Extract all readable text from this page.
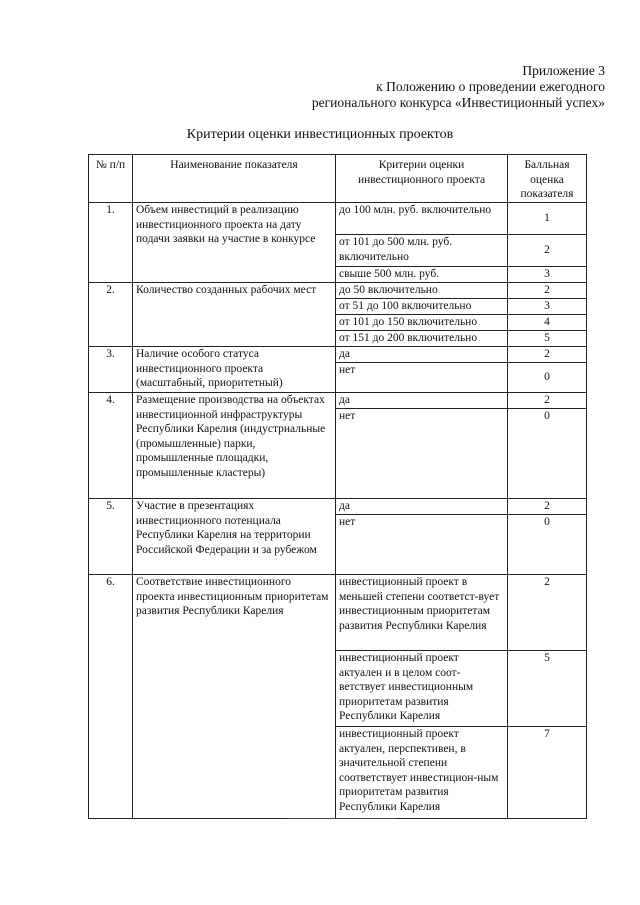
Приложение 3
к Положению о проведении ежегодного
регионального конкурса «Инвестиционный успех»
Критерии оценки инвестиционных проектов
№ п/п	Наименование показателя	Критерии оценки инвестиционного проекта	Балльная оценка показателя
1.	Объем инвестиций в реализацию инвестиционного проекта на дату подачи заявки на участие в конкурсе	до 100 млн. руб. включительно	1
		от 101 до 500 млн. руб. включительно	2
		свыше 500 млн. руб.	3
2.	Количество созданных рабочих мест	до 50 включительно	2
		от 51 до 100 включительно	3
		от 101 до 150 включительно	4
		от 151 до 200 включительно	5
3.	Наличие особого статуса инвестиционного проекта (масштабный, приоритетный)	да	2
		нет	0
4.	Размещение производства на объектах инвестиционной инфраструктуры Республики Карелия (индустриальные (промышленные) парки, промышленные площадки, промышленные кластеры)	да	2
		нет	0
5.	Участие в презентациях инвестиционного потенциала Республики Карелия на территории Российской Федерации и за рубежом	да	2
		нет	0
6.	Соответствие инвестиционного проекта инвестиционным приоритетам развития Республики Карелия	инвестиционный проект в меньшей степени соответст-вует инвестиционным приоритетам развития Республики Карелия	2
		инвестиционный проект актуален и в целом соот-ветствует инвестиционным приоритетам развития Республики Карелия	5
		инвестиционный проект актуален, перспективен, в значительной степени соответствует инвестицион-ным приоритетам развития Республики Карелия	7
